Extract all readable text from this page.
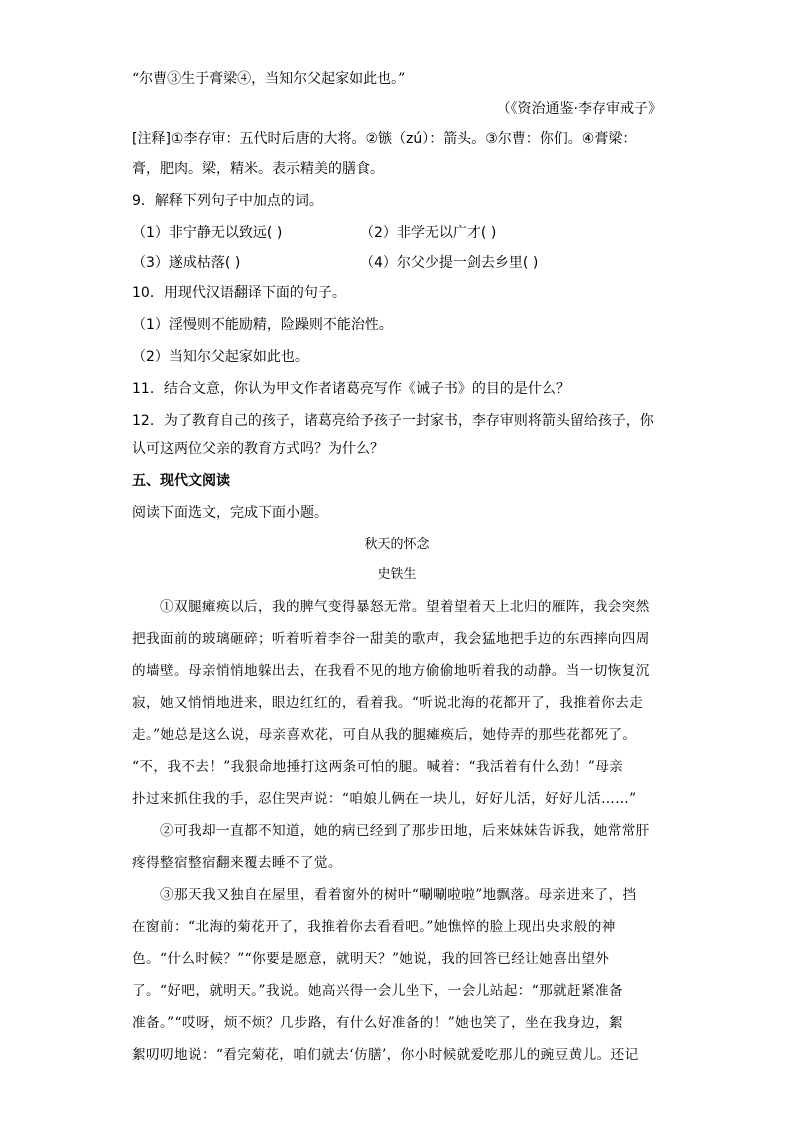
“尔曹③生于膏梁④，当知尔父起家如此也。”
（《资治通鉴·李存审戒子》
[注释]①李存审：五代时后唐的大将。②镞（zú）：箭头。③尔曹：你们。④膏梁：
膏，肥肉。梁，精米。表示精美的膳食。
9．解释下列句子中加点的词。
（1）非宁静无以致远( )	（2）非学无以广才( )
（3）遂成枯落( )	（4）尔父少提一剑去乡里( )
10．用现代汉语翻译下面的句子。
（1）淫慢则不能励精，险躁则不能治性。
（2）当知尔父起家如此也。
11．结合文意，你认为甲文作者诸葛亮写作《诫子书》的目的是什么？
12．为了教育自己的孩子，诸葛亮给予孩子一封家书，李存审则将箭头留给孩子，你
认可这两位父亲的教育方式吗？为什么？
五、现代文阅读
阅读下面选文，完成下面小题。
秋天的怀念
史铁生
①双腿瘫痪以后，我的脾气变得暴怒无常。望着望着天上北归的雁阵，我会突然
把我面前的玻璃砸碎；听着听着李谷一甜美的歌声，我会猛地把手边的东西摔向四周
的墙壁。母亲悄悄地躲出去，在我看不见的地方偷偷地听着我的动静。当一切恢复沉
寂，她又悄悄地进来，眼边红红的，看着我。“听说北海的花都开了，我推着你去走
走。”她总是这么说，母亲喜欢花，可自从我的腿瘫痪后，她侍弄的那些花都死了。
“不，我不去！”我狠命地捶打这两条可怕的腿。喊着：“我活着有什么劲！”母亲
扑过来抓住我的手，忍住哭声说：“咱娘儿俩在一块儿，好好儿活，好好儿活……”
②可我却一直都不知道，她的病已经到了那步田地，后来妹妹告诉我，她常常肝
疼得整宿整宿翻来覆去睡不了觉。
③那天我又独自在屋里，看着窗外的树叶“唰唰啦啦”地飘落。母亲进来了，挡
在窗前：“北海的菊花开了，我推着你去看看吧。”她憔悴的脸上现出央求般的神
色。“什么时候？”“你要是愿意，就明天？”她说，我的回答已经让她喜出望外
了。“好吧，就明天。”我说。她高兴得一会儿坐下，一会儿站起：“那就赶紧准备
准备。”“哎呀，烦不烦？几步路，有什么好准备的！”她也笑了，坐在我身边，絮
絮叨叨地说：“看完菊花，咱们就去‘仿膳’，你小时候就爱吃那儿的豌豆黄儿。还记
